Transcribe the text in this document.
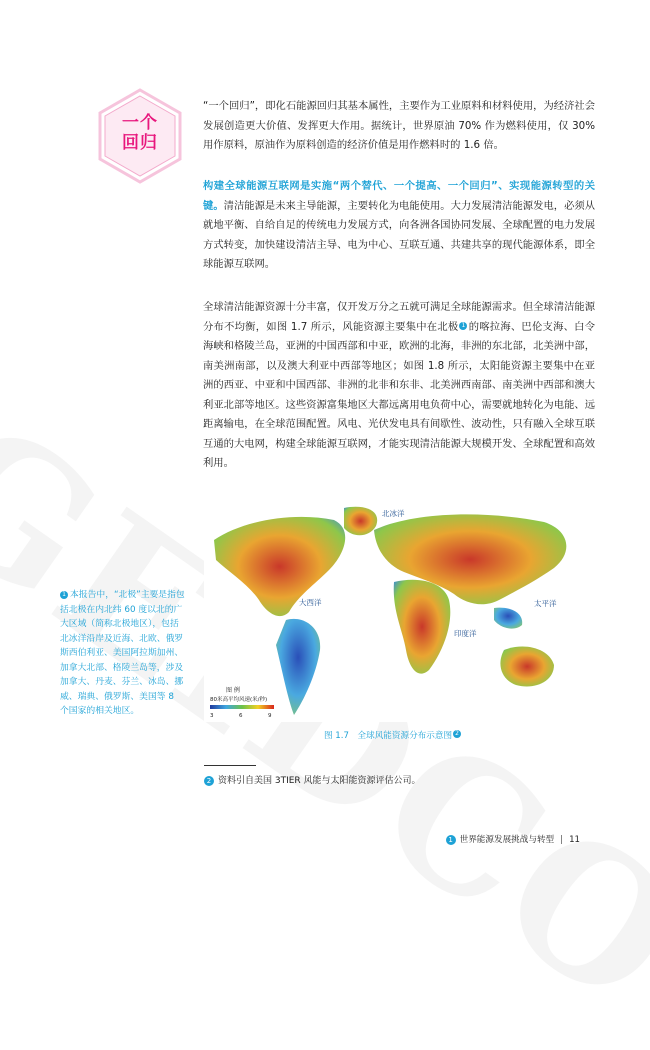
一个
回归
“一个回归”，即化石能源回归其基本属性，主要作为工业原料和材料使用，为经济社会发展创造更大价值、发挥更大作用。据统计，世界原油 70% 作为燃料使用，仅 30% 用作原料，原油作为原料创造的经济价值是用作燃料时的 1.6 倍。
构建全球能源互联网是实施“两个替代、一个提高、一个回归”、实现能源转型的关键。清洁能源是未来主导能源，主要转化为电能使用。大力发展清洁能源发电，必须从就地平衡、自给自足的传统电力发展方式，向各洲各国协同发展、全球配置的电力发展方式转变，加快建设清洁主导、电为中心、互联互通、共建共享的现代能源体系，即全球能源互联网。
全球清洁能源资源十分丰富，仅开发万分之五就可满足全球能源需求。但全球清洁能源分布不均衡，如图 1.7 所示，风能资源主要集中在北极 1 的喀拉海、巴伦支海、白令海峡和格陵兰岛，亚洲的中国西部和中亚，欧洲的北海，非洲的东北部，北美洲中部，南美洲南部，以及澳大利亚中西部等地区；如图 1.8 所示，太阳能资源主要集中在亚洲的西亚、中亚和中国西部、非洲的北非和东非、北美洲西南部、南美洲中西部和澳大利亚北部等地区。这些资源富集地区大都远离用电负荷中心，需要就地转化为电能、远距离输电，在全球范围配置。风电、光伏发电具有间歇性、波动性，只有融入全球互联互通的大电网，构建全球能源互联网，才能实现清洁能源大规模开发、全球配置和高效利用。
北冰洋
大西洋	太平洋
印度洋
图 例
80米高平均风速(米/秒)
3	6	9
图 1.7　全球风能资源分布示意图 2
1 本报告中，“北极”主要是指包括北极在内北纬 60 度以北的广大区域（简称北极地区），包括北冰洋沿岸及近海、北欧、俄罗斯西伯利亚、美国阿拉斯加州、加拿大北部、格陵兰岛等，涉及加拿大、丹麦、芬兰、冰岛、挪威、瑞典、俄罗斯、美国等 8 个国家的相关地区。
2 资料引自美国 3TIER 风能与太阳能资源评估公司。
1 世界能源发展挑战与转型 | 11
